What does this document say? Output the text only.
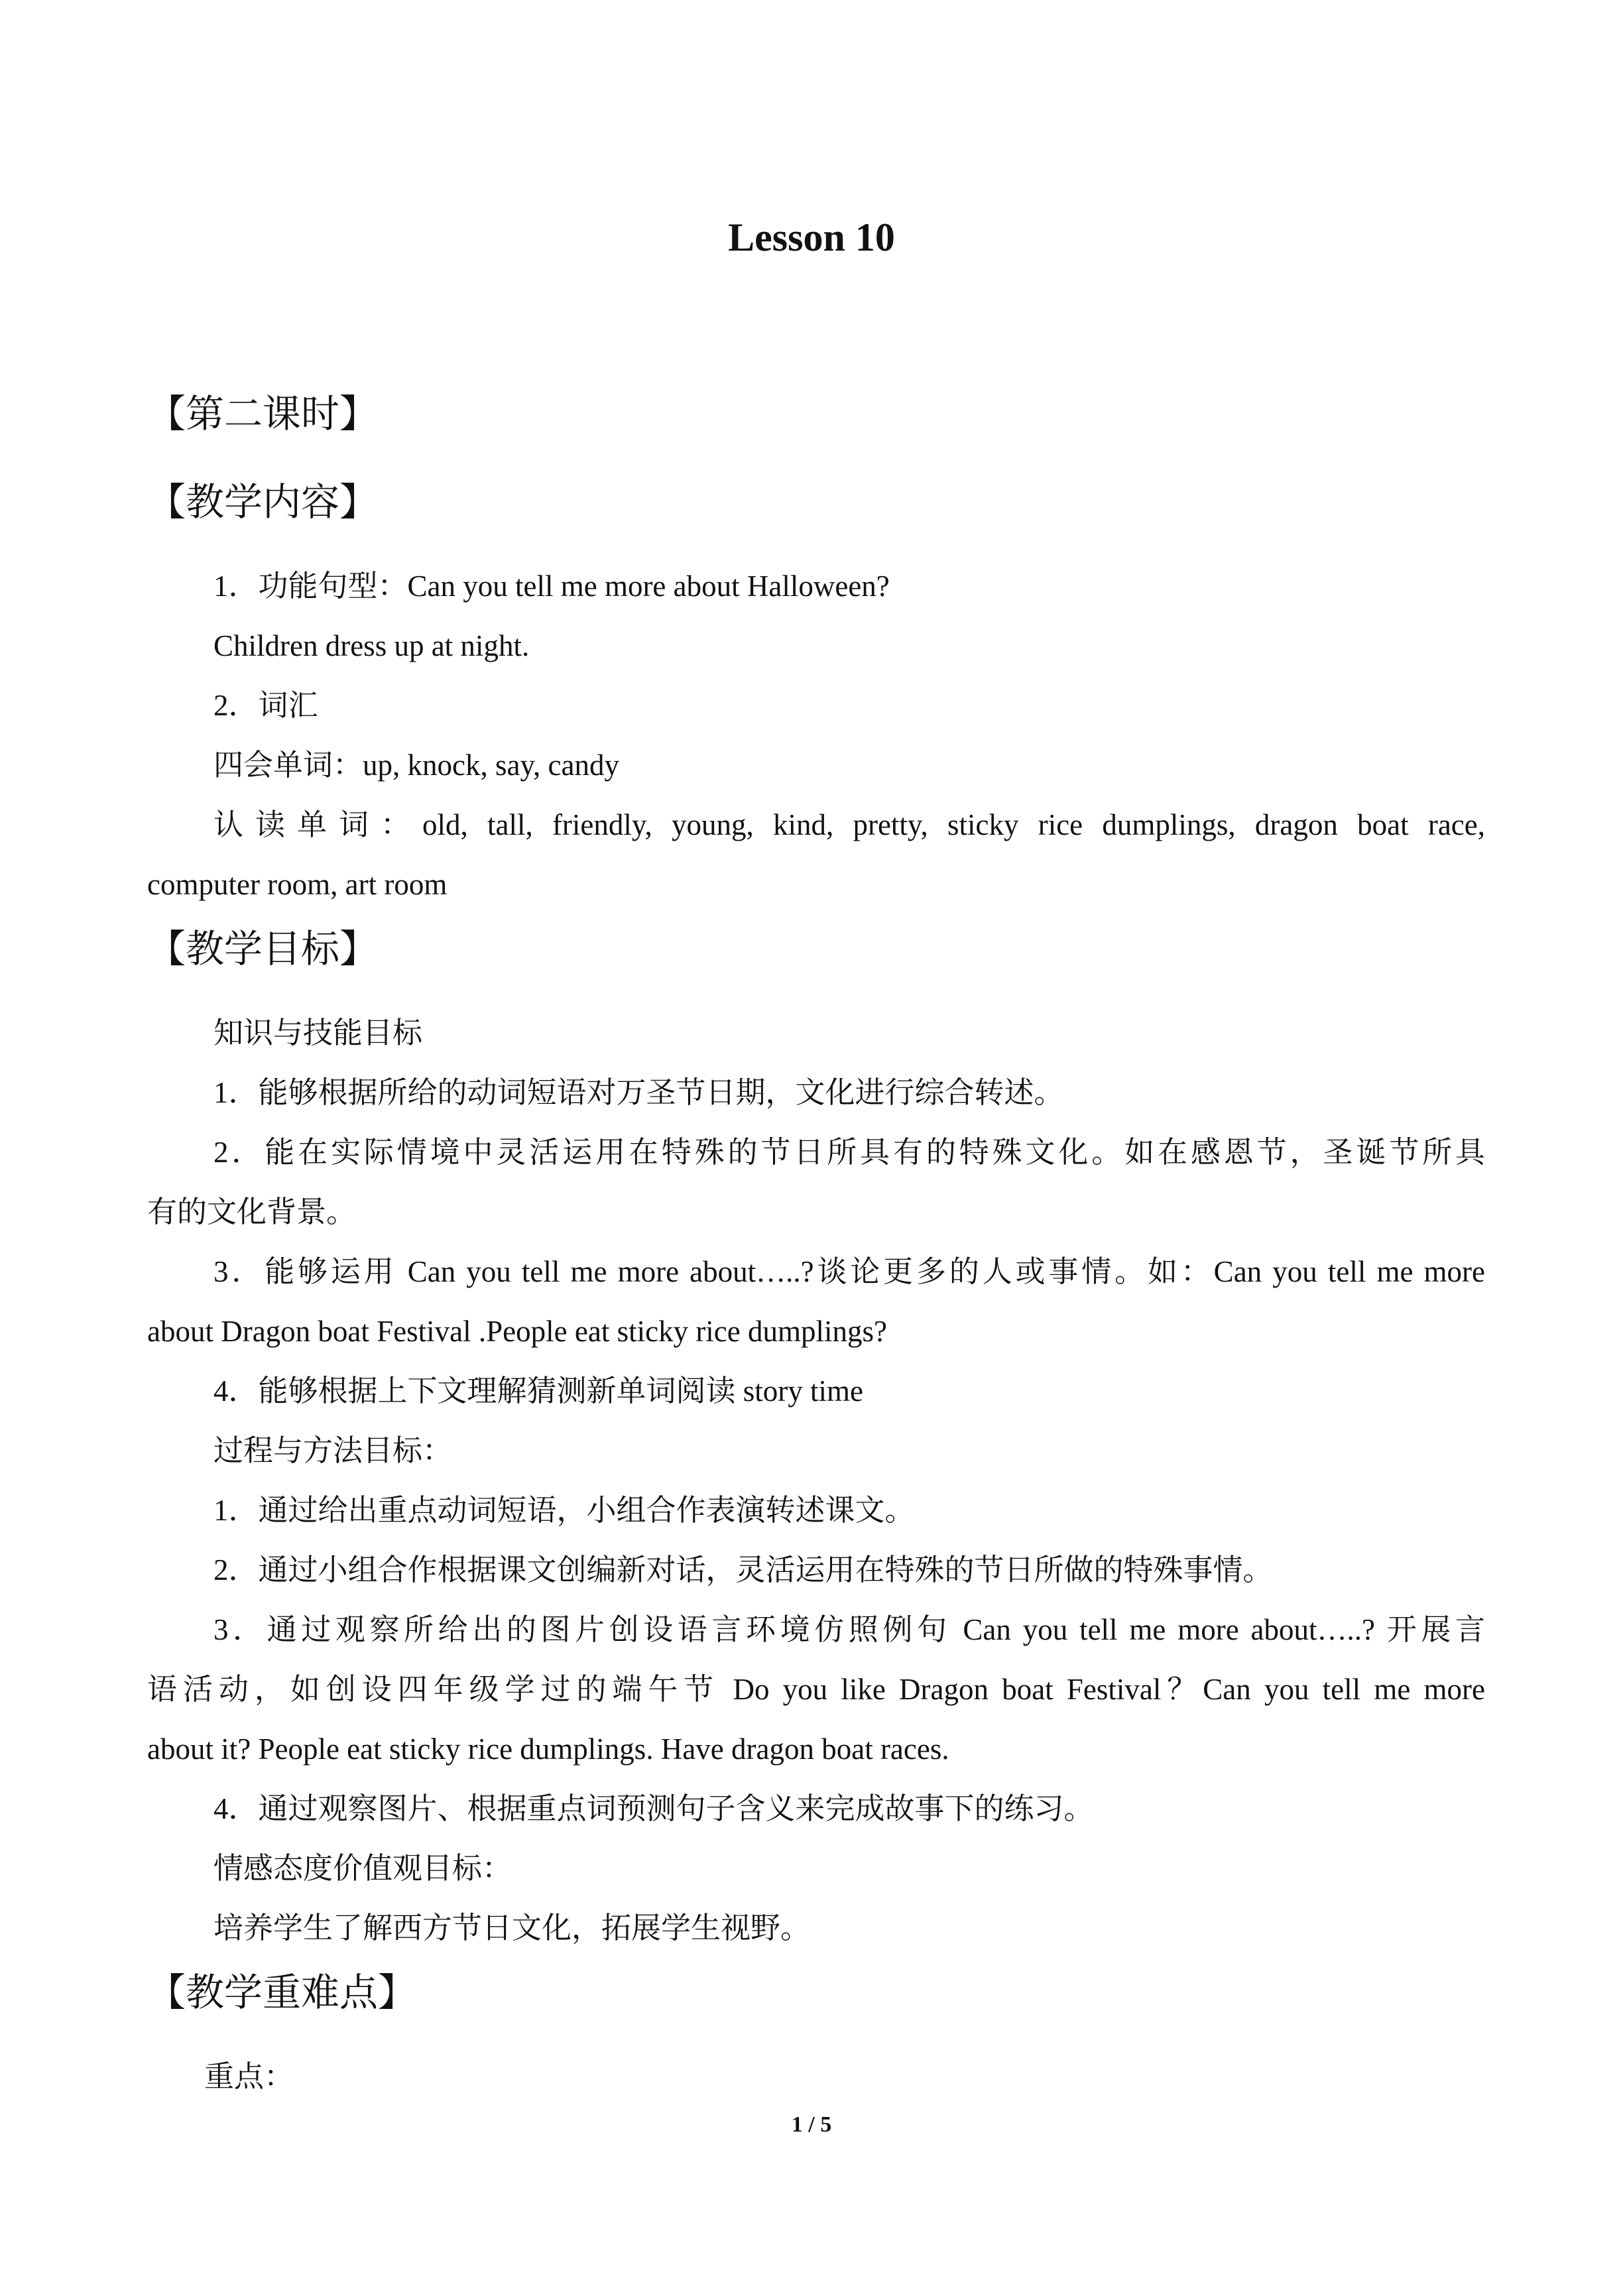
Lesson 10
【第二课时】
【教学内容】
1．功能句型：Can you tell me more about Halloween?
Children dress up at night.
2．词汇
四会单词：up, knock, say, candy
认读单词：old, tall, friendly, young, kind, pretty, sticky rice dumplings, dragon boat race,
computer room, art room
【教学目标】
知识与技能目标
1．能够根据所给的动词短语对万圣节日期，文化进行综合转述。
2．能在实际情境中灵活运用在特殊的节日所具有的特殊文化。如在感恩节，圣诞节所具
有的文化背景。
3．能够运用 Can you tell me more about…..?谈论更多的人或事情。如：Can you tell me more
about Dragon boat Festival .People eat sticky rice dumplings?
4．能够根据上下文理解猜测新单词阅读 story time
过程与方法目标：
1．通过给出重点动词短语，小组合作表演转述课文。
2．通过小组合作根据课文创编新对话，灵活运用在特殊的节日所做的特殊事情。
3．通过观察所给出的图片创设语言环境仿照例句 Can you tell me more about…..? 开展言
语活动，如创设四年级学过的端午节 Do you like Dragon boat Festival？Can you tell me more
about it? People eat sticky rice dumplings. Have dragon boat races.
4．通过观察图片、根据重点词预测句子含义来完成故事下的练习。
情感态度价值观目标：
培养学生了解西方节日文化，拓展学生视野。
【教学重难点】
重点：
1 / 5
